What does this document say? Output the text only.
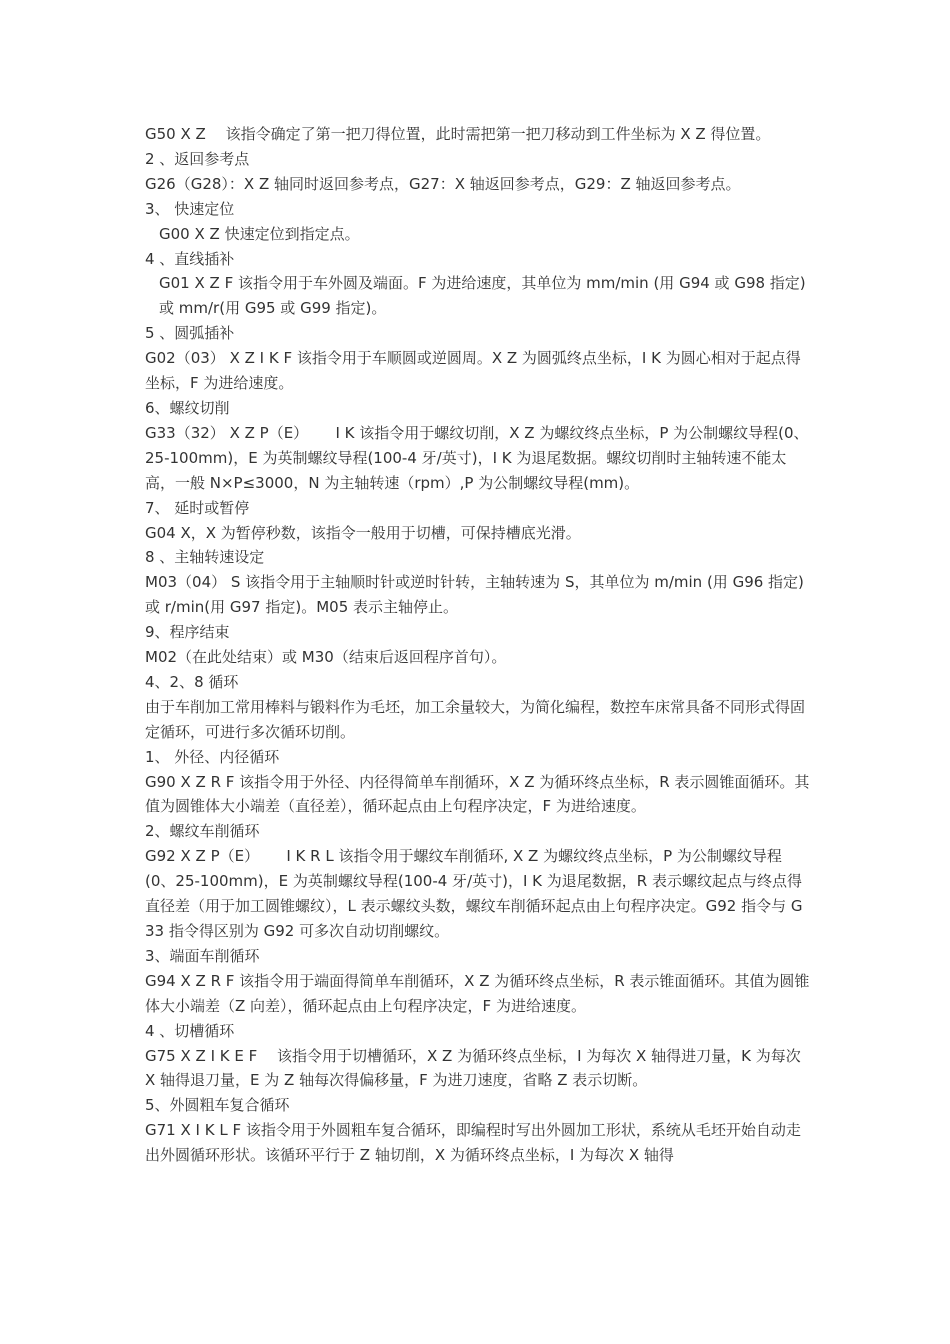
G50 X Z　 该指令确定了第一把刀得位置，此时需把第一把刀移动到工件坐标为 X Z 得位置。

2 、返回参考点

G26（G28）：X Z 轴同时返回参考点，G27：X 轴返回参考点，G29：Z 轴返回参考点。

3、 快速定位

G00 X Z 快速定位到指定点。

4 、直线插补

G01 X Z F 该指令用于车外圆及端面。F 为进给速度，其单位为 mm/min (用 G94 或 G98 指定)或 mm/r(用 G95 或 G99 指定)。

5 、圆弧插补

G02（03） X Z I K F 该指令用于车顺圆或逆圆周。X Z 为圆弧终点坐标，I K 为圆心相对于起点得坐标，F 为进给速度。

6、螺纹切削

G33（32） X Z P（E）　　 I K 该指令用于螺纹切削，X Z 为螺纹终点坐标，P 为公制螺纹导程(0、25-100mm)，E 为英制螺纹导程(100-4 牙/英寸)，I K 为退尾数据。螺纹切削时主轴转速不能太高，一般 N×P≤3000，N 为主轴转速（rpm）,P 为公制螺纹导程(mm)。

7、 延时或暂停

G04 X，X 为暂停秒数，该指令一般用于切槽，可保持槽底光滑。

8 、主轴转速设定

M03（04） S 该指令用于主轴顺时针或逆时针转，主轴转速为 S，其单位为 m/min (用 G96 指定)或 r/min(用 G97 指定)。M05 表示主轴停止。

9、程序结束

M02（在此处结束）或 M30（结束后返回程序首句）。

4、2、8 循环

由于车削加工常用棒料与锻料作为毛坯，加工余量较大，为简化编程，数控车床常具备不同形式得固定循环，可进行多次循环切削。

1、 外径、内径循环

G90 X Z R F 该指令用于外径、内径得简单车削循环，X Z 为循环终点坐标，R 表示圆锥面循环。其值为圆锥体大小端差（直径差），循环起点由上句程序决定，F 为进给速度。

2、螺纹车削循环

G92 X Z P（E）　　 I K R L 该指令用于螺纹车削循环, X Z 为螺纹终点坐标，P 为公制螺纹导程(0、25-100mm)，E 为英制螺纹导程(100-4 牙/英寸)，I K 为退尾数据，R 表示螺纹起点与终点得直径差（用于加工圆锥螺纹），L 表示螺纹头数，螺纹车削循环起点由上句程序决定。G92 指令与 G33 指令得区别为 G92 可多次自动切削螺纹。

3、端面车削循环

G94 X Z R F 该指令用于端面得简单车削循环，X Z 为循环终点坐标，R 表示锥面循环。其值为圆锥体大小端差（Z 向差），循环起点由上句程序决定，F 为进给速度。

4 、切槽循环

G75 X Z I K E F　 该指令用于切槽循环，X Z 为循环终点坐标，I 为每次 X 轴得进刀量，K 为每次 X 轴得退刀量，E 为 Z 轴每次得偏移量，F 为进刀速度，省略 Z 表示切断。

5、外圆粗车复合循环

G71 X I K L F 该指令用于外圆粗车复合循环，即编程时写出外圆加工形状，系统从毛坯开始自动走出外圆循环形状。该循环平行于 Z 轴切削，X 为循环终点坐标，I 为每次 X 轴得
